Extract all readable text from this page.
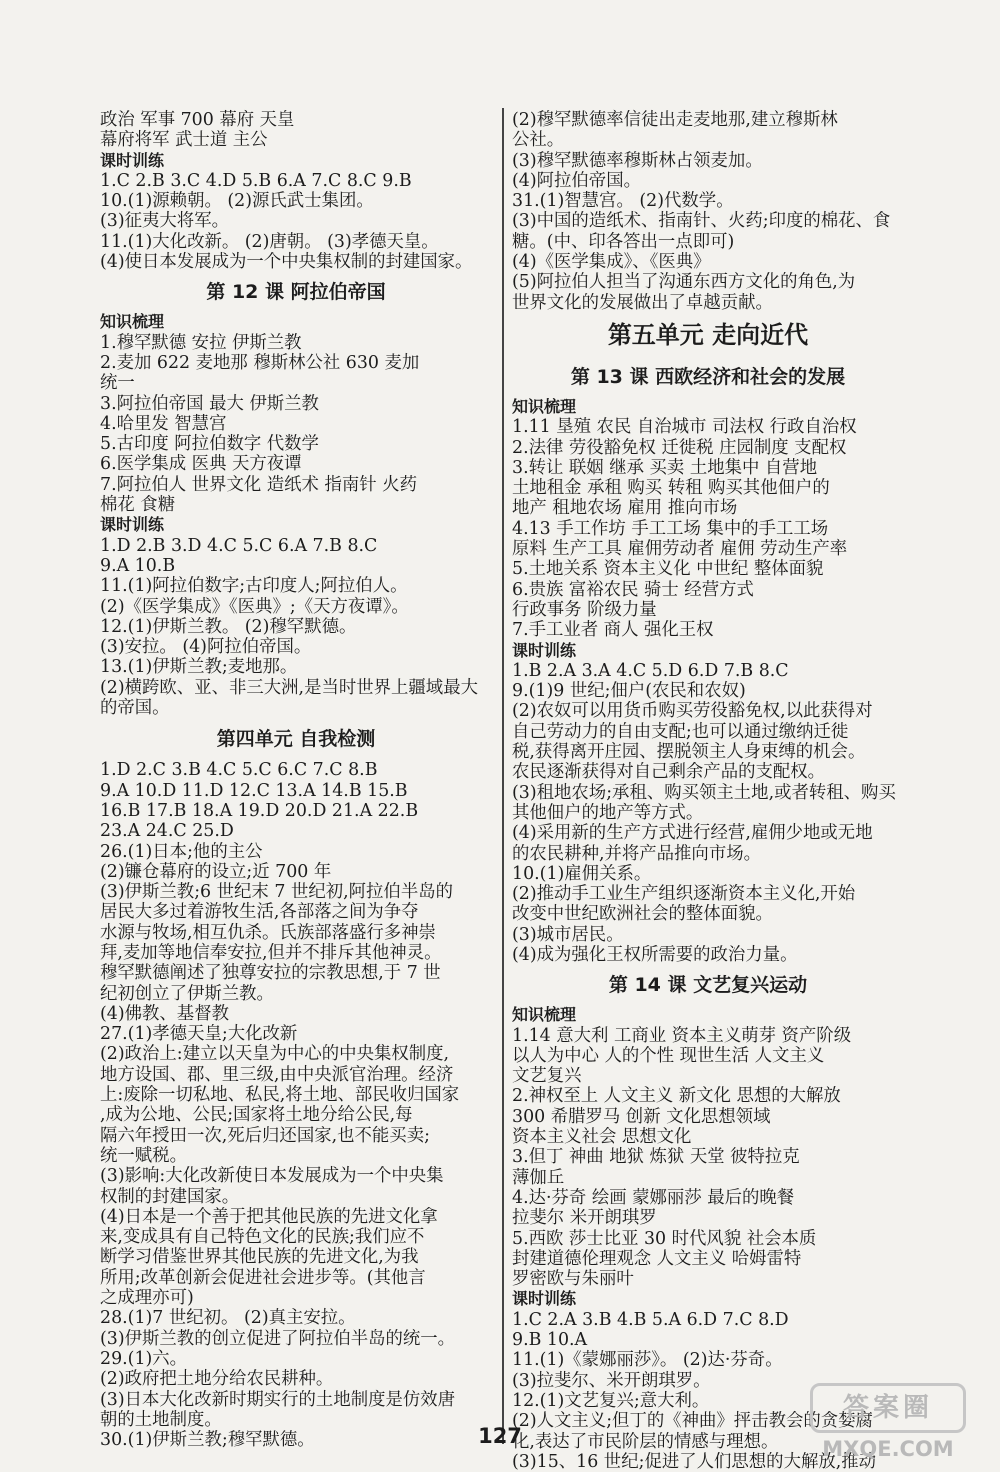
政治 军事 700 幕府 天皇
幕府将军 武士道 主公
课时训练
1.C 2.B 3.C 4.D 5.B 6.A 7.C 8.C 9.B
10.(1)源赖朝。 (2)源氏武士集团。
(3)征夷大将军。
11.(1)大化改新。 (2)唐朝。 (3)孝德天皇。
(4)使日本发展成为一个中央集权制的封建国家。
第 12 课 阿拉伯帝国
知识梳理
1.穆罕默德 安拉 伊斯兰教
2.麦加 622 麦地那 穆斯林公社 630 麦加
统一
3.阿拉伯帝国 最大 伊斯兰教
4.哈里发 智慧宫
5.古印度 阿拉伯数字 代数学
6.医学集成 医典 天方夜谭
7.阿拉伯人 世界文化 造纸术 指南针 火药
棉花 食糖
课时训练
1.D 2.B 3.D 4.C 5.C 6.A 7.B 8.C
9.A 10.B
11.(1)阿拉伯数字;古印度人;阿拉伯人。
(2)《医学集成》《医典》;《天方夜谭》。
12.(1)伊斯兰教。 (2)穆罕默德。
(3)安拉。 (4)阿拉伯帝国。
13.(1)伊斯兰教;麦地那。
(2)横跨欧、亚、非三大洲,是当时世界上疆域最大
的帝国。
第四单元 自我检测
1.D 2.C 3.B 4.C 5.C 6.C 7.C 8.B
9.A 10.D 11.D 12.C 13.A 14.B 15.B
16.B 17.B 18.A 19.D 20.D 21.A 22.B
23.A 24.C 25.D
26.(1)日本;他的主公
(2)镰仓幕府的设立;近 700 年
(3)伊斯兰教;6 世纪末 7 世纪初,阿拉伯半岛的
居民大多过着游牧生活,各部落之间为争夺
水源与牧场,相互仇杀。氏族部落盛行多神崇
拜,麦加等地信奉安拉,但并不排斥其他神灵。
穆罕默德阐述了独尊安拉的宗教思想,于 7 世
纪初创立了伊斯兰教。
(4)佛教、基督教
27.(1)孝德天皇;大化改新
(2)政治上:建立以天皇为中心的中央集权制度,
地方设国、郡、里三级,由中央派官治理。经济
上:废除一切私地、私民,将土地、部民收归国家
,成为公地、公民;国家将土地分给公民,每
隔六年授田一次,死后归还国家,也不能买卖;
统一赋税。
(3)影响:大化改新使日本发展成为一个中央集
权制的封建国家。
(4)日本是一个善于把其他民族的先进文化拿
来,变成具有自己特色文化的民族;我们应不
断学习借鉴世界其他民族的先进文化,为我
所用;改革创新会促进社会进步等。(其他言
之成理亦可)
28.(1)7 世纪初。 (2)真主安拉。
(3)伊斯兰教的创立促进了阿拉伯半岛的统一。
29.(1)六。
(2)政府把土地分给农民耕种。
(3)日本大化改新时期实行的土地制度是仿效唐
朝的土地制度。
30.(1)伊斯兰教;穆罕默德。
(2)穆罕默德率信徒出走麦地那,建立穆斯林
公社。
(3)穆罕默德率穆斯林占领麦加。
(4)阿拉伯帝国。
31.(1)智慧宫。 (2)代数学。
(3)中国的造纸术、指南针、火药;印度的棉花、食
糖。(中、印各答出一点即可)
(4)《医学集成》、《医典》
(5)阿拉伯人担当了沟通东西方文化的角色,为
世界文化的发展做出了卓越贡献。
第五单元 走向近代
第 13 课 西欧经济和社会的发展
知识梳理
1.11 垦殖 农民 自治城市 司法权 行政自治权
2.法律 劳役豁免权 迁徙税 庄园制度 支配权
3.转让 联姻 继承 买卖 土地集中 自营地
土地租金 承租 购买 转租 购买其他佃户的
地产 租地农场 雇用 推向市场
4.13 手工作坊 手工工场 集中的手工工场
原料 生产工具 雇佣劳动者 雇佣 劳动生产率
5.土地关系 资本主义化 中世纪 整体面貌
6.贵族 富裕农民 骑士 经营方式
行政事务 阶级力量
7.手工业者 商人 强化王权
课时训练
1.B 2.A 3.A 4.C 5.D 6.D 7.B 8.C
9.(1)9 世纪;佃户(农民和农奴)
(2)农奴可以用货币购买劳役豁免权,以此获得对
自己劳动力的自由支配;也可以通过缴纳迁徙
税,获得离开庄园、摆脱领主人身束缚的机会。
农民逐渐获得对自己剩余产品的支配权。
(3)租地农场;承租、购买领主土地,或者转租、购买
其他佃户的地产等方式。
(4)采用新的生产方式进行经营,雇佣少地或无地
的农民耕种,并将产品推向市场。
10.(1)雇佣关系。
(2)推动手工业生产组织逐渐资本主义化,开始
改变中世纪欧洲社会的整体面貌。
(3)城市居民。
(4)成为强化王权所需要的政治力量。
第 14 课 文艺复兴运动
知识梳理
1.14 意大利 工商业 资本主义萌芽 资产阶级
以人为中心 人的个性 现世生活 人文主义
文艺复兴
2.神权至上 人文主义 新文化 思想的大解放
300 希腊罗马 创新 文化思想领域
资本主义社会 思想文化
3.但丁 神曲 地狱 炼狱 天堂 彼特拉克
薄伽丘
4.达·芬奇 绘画 蒙娜丽莎 最后的晚餐
拉斐尔 米开朗琪罗
5.西欧 莎士比亚 30 时代风貌 社会本质
封建道德伦理观念 人文主义 哈姆雷特
罗密欧与朱丽叶
课时训练
1.C 2.A 3.B 4.B 5.A 6.D 7.C 8.D
9.B 10.A
11.(1)《蒙娜丽莎》。 (2)达·芬奇。
(3)拉斐尔、米开朗琪罗。
12.(1)文艺复兴;意大利。
(2)人文主义;但丁的《神曲》抨击教会的贪婪腐
化,表达了市民阶层的情感与理想。
(3)15、16 世纪;促进了人们思想的大解放,推动
127
答案圈
MXQE.COM
